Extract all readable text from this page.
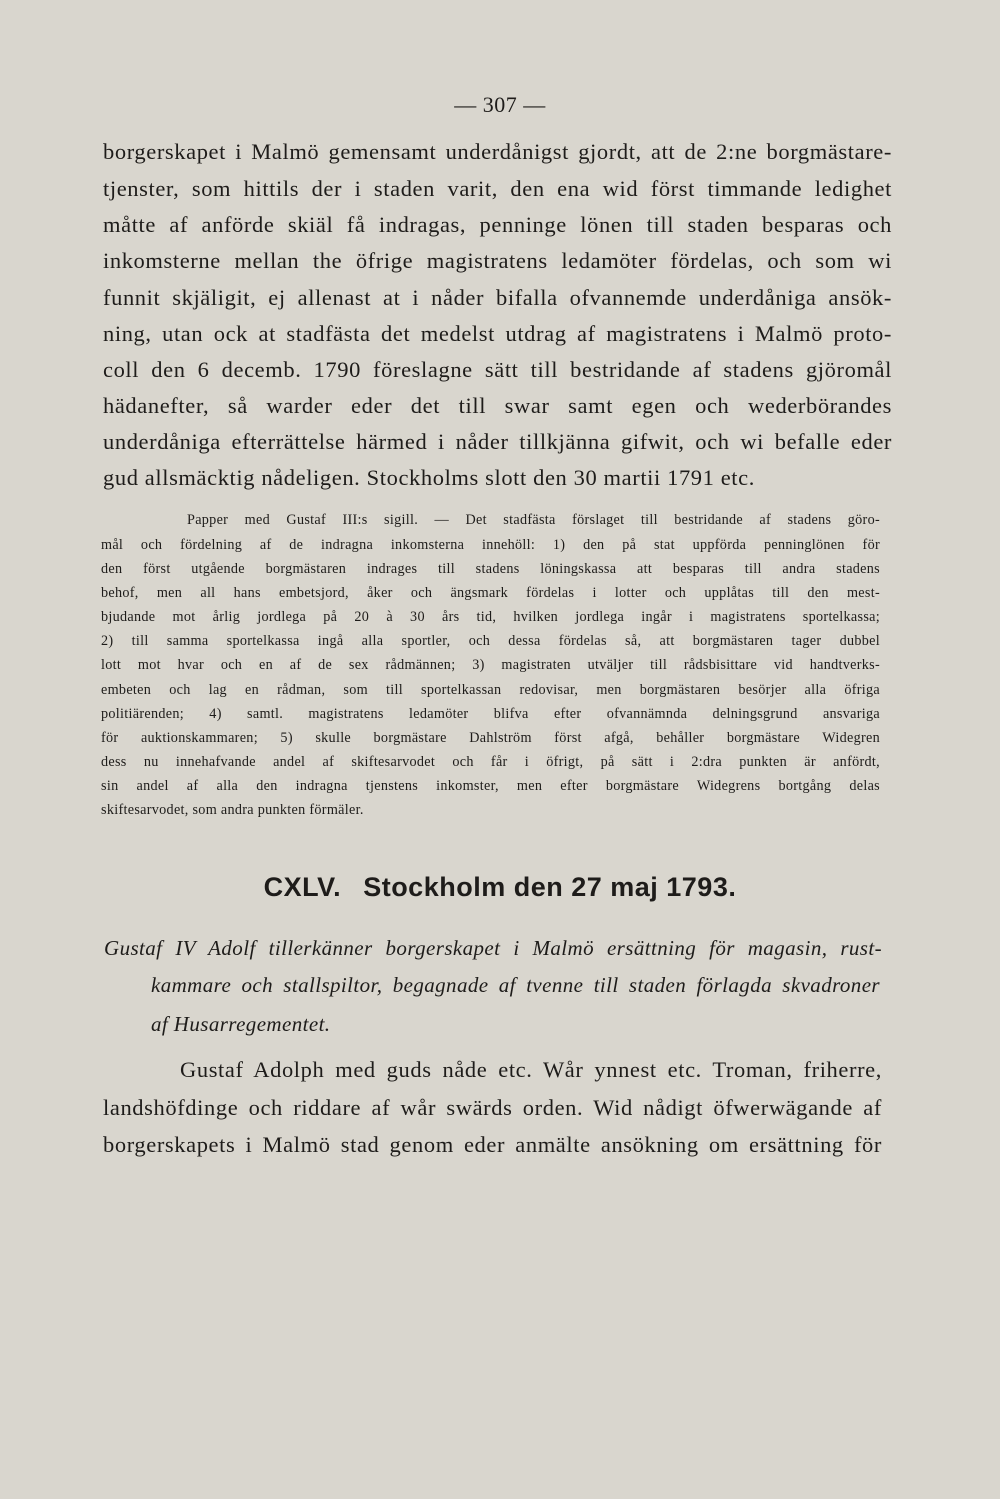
— 307 —
borgerskapet i Malmö gemensamt underdånigst gjordt, att de 2:ne borgmästare-
tjenster, som hittils der i staden varit, den ena wid först timmande ledighet
måtte af anförde skiäl få indragas, penninge lönen till staden besparas och
inkomsterne mellan the öfrige magistratens ledamöter fördelas, och som wi
funnit skjäligit, ej allenast at i nåder bifalla ofvannemde underdåniga ansök-
ning, utan ock at stadfästa det medelst utdrag af magistratens i Malmö proto-
coll den 6 decemb. 1790 föreslagne sätt till bestridande af stadens gjöromål
hädanefter, så warder eder det till swar samt egen och wederbörandes
underdåniga efterrättelse härmed i nåder tillkjänna gifwit, och wi befalle eder
gud allsmäcktig nådeligen. Stockholms slott den 30 martii 1791 etc.
Papper med Gustaf III:s sigill. — Det stadfästa förslaget till bestridande af stadens göro-
mål och fördelning af de indragna inkomsterna innehöll: 1) den på stat uppförda penninglönen för
den först utgående borgmästaren indrages till stadens löningskassa att besparas till andra stadens
behof, men all hans embetsjord, åker och ängsmark fördelas i lotter och upplåtas till den mest-
bjudande mot årlig jordlega på 20 à 30 års tid, hvilken jordlega ingår i magistratens sportelkassa;
2) till samma sportelkassa ingå alla sportler, och dessa fördelas så, att borgmästaren tager dubbel
lott mot hvar och en af de sex rådmännen; 3) magistraten utväljer till rådsbisittare vid handtverks-
embeten och lag en rådman, som till sportelkassan redovisar, men borgmästaren besörjer alla öfriga
politiärenden; 4) samtl. magistratens ledamöter blifva efter ofvannämnda delningsgrund ansvariga
för auktionskammaren; 5) skulle borgmästare Dahlström först afgå, behåller borgmästare Widegren
dess nu innehafvande andel af skiftesarvodet och får i öfrigt, på sätt i 2:dra punkten är anfördt,
sin andel af alla den indragna tjenstens inkomster, men efter borgmästare Widegrens bortgång delas
skiftesarvodet, som andra punkten förmäler.
CXLV. Stockholm den 27 maj 1793.
Gustaf IV Adolf tillerkänner borgerskapet i Malmö ersättning för magasin, rust-
kammare och stallspiltor, begagnade af tvenne till staden förlagda skvadroner
af Husarregementet.
Gustaf Adolph med guds nåde etc. Wår ynnest etc. Troman, friherre,
landshöfdinge och riddare af wår swärds orden. Wid nådigt öfwerwägande af
borgerskapets i Malmö stad genom eder anmälte ansökning om ersättning för
